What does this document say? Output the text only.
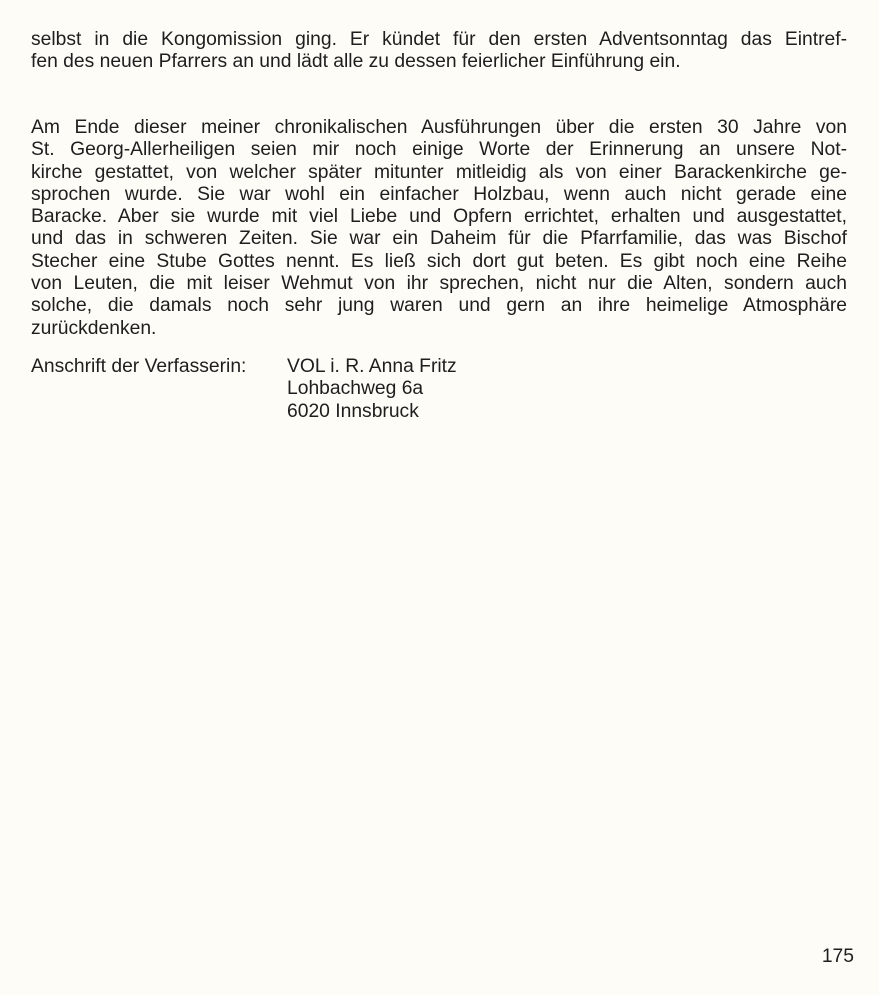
selbst in die Kongomission ging. Er kündet für den ersten Adventsonntag das Eintref-
fen des neuen Pfarrers an und lädt alle zu dessen feierlicher Einführung ein.

Am Ende dieser meiner chronikalischen Ausführungen über die ersten 30 Jahre von
St. Georg-Allerheiligen seien mir noch einige Worte der Erinnerung an unsere Not-
kirche gestattet, von welcher später mitunter mitleidig als von einer Barackenkirche ge-
sprochen wurde. Sie war wohl ein einfacher Holzbau, wenn auch nicht gerade eine
Baracke. Aber sie wurde mit viel Liebe und Opfern errichtet, erhalten und ausgestattet,
und das in schweren Zeiten. Sie war ein Daheim für die Pfarrfamilie, das was Bischof
Stecher eine Stube Gottes nennt. Es ließ sich dort gut beten. Es gibt noch eine Reihe
von Leuten, die mit leiser Wehmut von ihr sprechen, nicht nur die Alten, sondern auch
solche, die damals noch sehr jung waren und gern an ihre heimelige Atmosphäre
zurückdenken.

Anschrift der Verfasserin:	VOL i. R. Anna Fritz
Lohbachweg 6a
6020 Innsbruck
175
